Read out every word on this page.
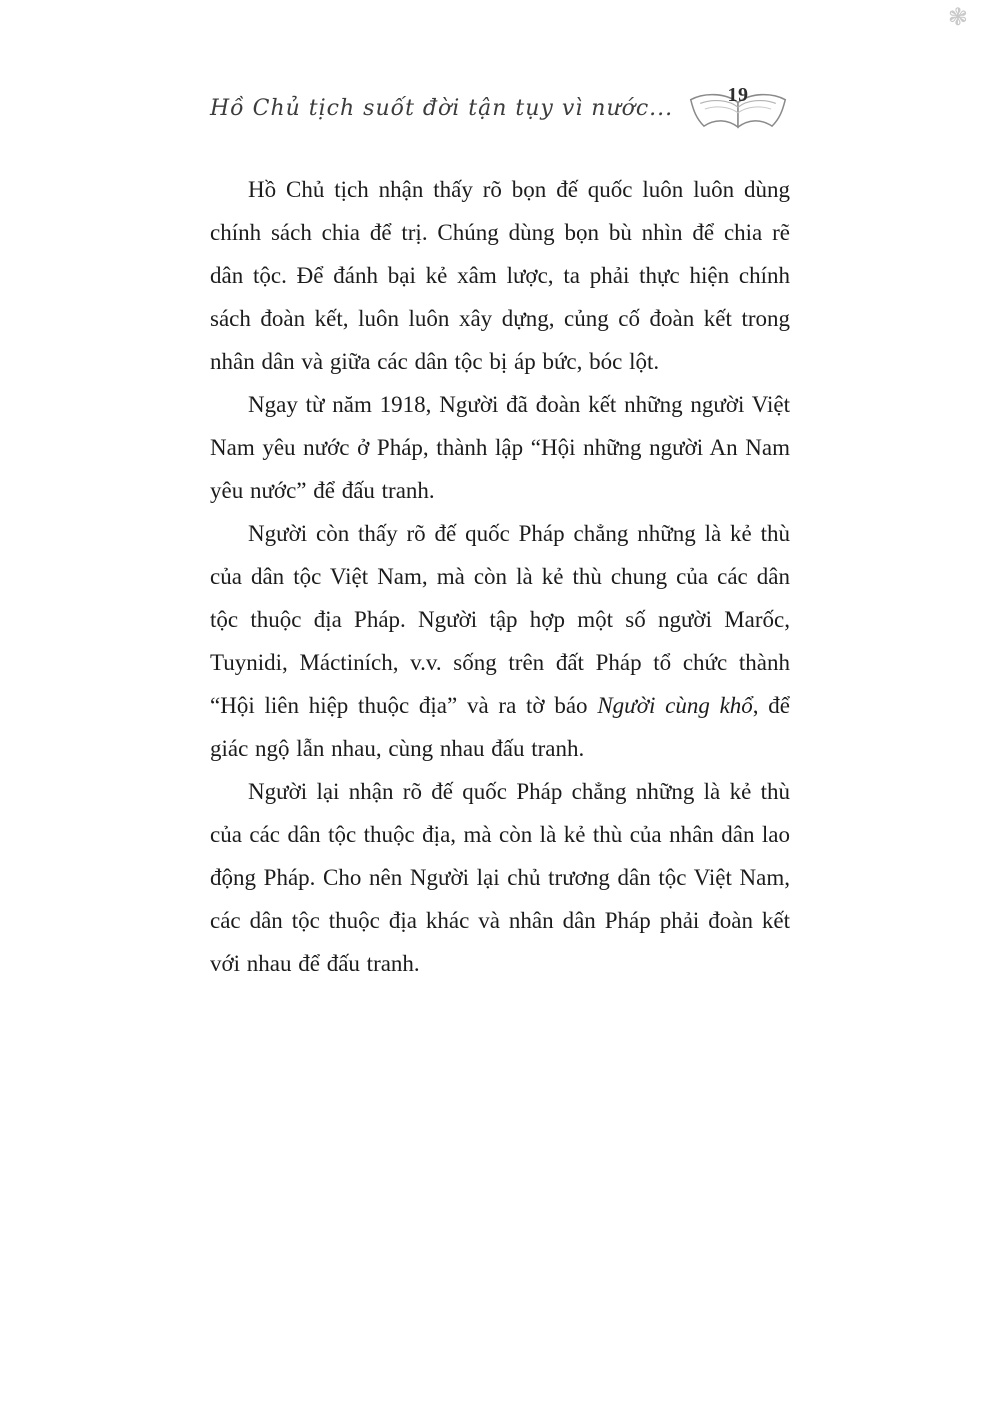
❃
Hồ Chủ tịch suốt đời tận tụy vì nước...
19

Hồ Chủ tịch nhận thấy rõ bọn đế quốc luôn luôn dùng chính sách chia để trị. Chúng dùng bọn bù nhìn để chia rẽ dân tộc. Để đánh bại kẻ xâm lược, ta phải thực hiện chính sách đoàn kết, luôn luôn xây dựng, củng cố đoàn kết trong nhân dân và giữa các dân tộc bị áp bức, bóc lột.

Ngay từ năm 1918, Người đã đoàn kết những người Việt Nam yêu nước ở Pháp, thành lập “Hội những người An Nam yêu nước” để đấu tranh.

Người còn thấy rõ đế quốc Pháp chẳng những là kẻ thù của dân tộc Việt Nam, mà còn là kẻ thù chung của các dân tộc thuộc địa Pháp. Người tập hợp một số người Marốc, Tuynidi, Máctiních, v.v. sống trên đất Pháp tổ chức thành “Hội liên hiệp thuộc địa” và ra tờ báo Người cùng khổ, để giác ngộ lẫn nhau, cùng nhau đấu tranh.

Người lại nhận rõ đế quốc Pháp chẳng những là kẻ thù của các dân tộc thuộc địa, mà còn là kẻ thù của nhân dân lao động Pháp. Cho nên Người lại chủ trương dân tộc Việt Nam, các dân tộc thuộc địa khác và nhân dân Pháp phải đoàn kết với nhau để đấu tranh.
